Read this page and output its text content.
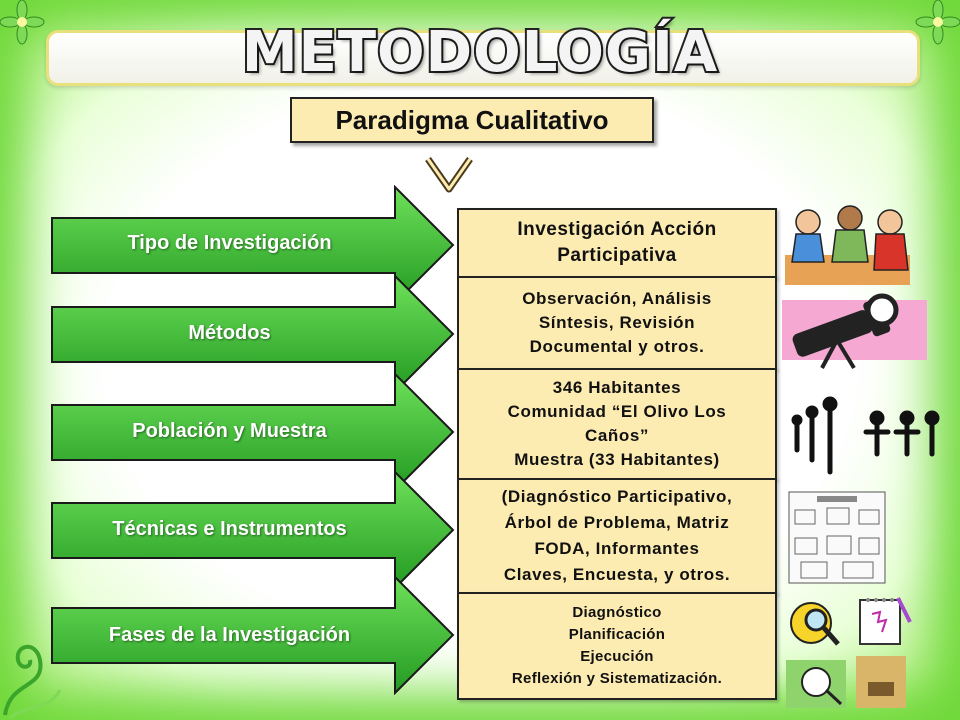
METODOLOGÍA
Paradigma Cualitativo
Tipo de Investigación
Métodos
Población y Muestra
Técnicas e Instrumentos
Fases de la Investigación
Investigación Acción
Participativa
Observación, Análisis
Síntesis, Revisión
Documental y otros.
346 Habitantes
Comunidad “El Olivo Los
Caños”
Muestra (33 Habitantes)
(Diagnóstico Participativo,
Árbol de Problema, Matriz
FODA, Informantes
Claves, Encuesta, y otros.
Diagnóstico
Planificación
Ejecución
Reflexión y Sistematización.
